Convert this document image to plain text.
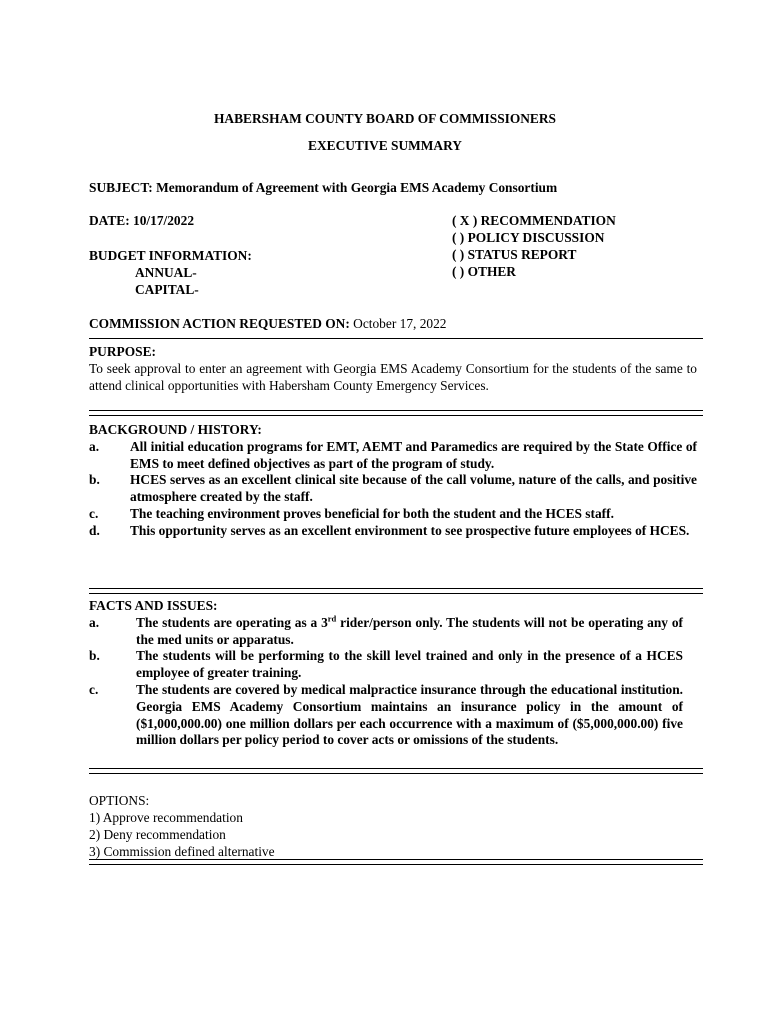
HABERSHAM COUNTY BOARD OF COMMISSIONERS
EXECUTIVE SUMMARY
SUBJECT: Memorandum of Agreement with Georgia EMS Academy Consortium
DATE: 10/17/2022
BUDGET INFORMATION:
ANNUAL-
CAPITAL-
( X ) RECOMMENDATION
( ) POLICY DISCUSSION
( ) STATUS REPORT
( ) OTHER
COMMISSION ACTION REQUESTED ON: October 17, 2022
PURPOSE:
To seek approval to enter an agreement with Georgia EMS Academy Consortium for the students of the same to attend clinical opportunities with Habersham County Emergency Services.
BACKGROUND / HISTORY:
a. All initial education programs for EMT, AEMT and Paramedics are required by the State Office of EMS to meet defined objectives as part of the program of study.
b. HCES serves as an excellent clinical site because of the call volume, nature of the calls, and positive atmosphere created by the staff.
c. The teaching environment proves beneficial for both the student and the HCES staff.
d. This opportunity serves as an excellent environment to see prospective future employees of HCES.
FACTS AND ISSUES:
a.	The students are operating as a 3rd rider/person only. The students will not be operating any of the med units or apparatus.
b.	The students will be performing to the skill level trained and only in the presence of a HCES employee of greater training.
c.	The students are covered by medical malpractice insurance through the educational institution. Georgia EMS Academy Consortium maintains an insurance policy in the amount of ($1,000,000.00) one million dollars per each occurrence with a maximum of ($5,000,000.00) five million dollars per policy period to cover acts or omissions of the students.
OPTIONS:
1) Approve recommendation
2) Deny recommendation
3) Commission defined alternative
